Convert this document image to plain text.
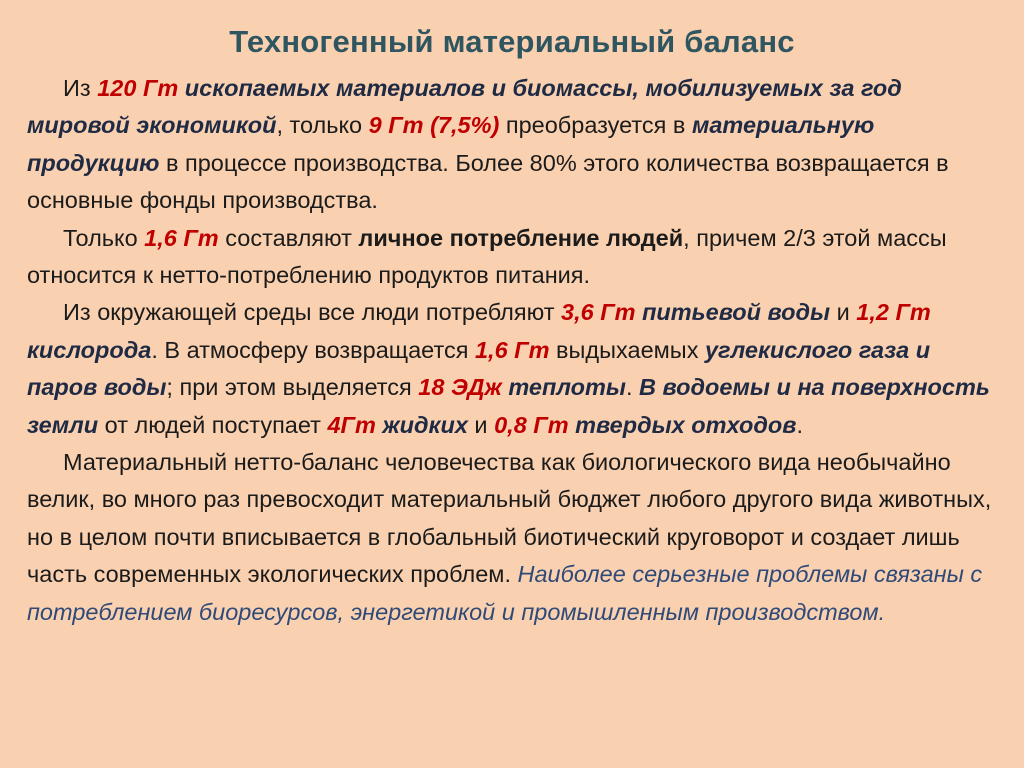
Техногенный материальный баланс

Из 120 Гт ископаемых материалов и биомассы, мобилизуемых за год мировой экономикой, только 9 Гт (7,5%) преобразуется в материальную продукцию в процессе производства. Более 80% этого количества возвращается в основные фонды производства.

Только 1,6 Гт составляют личное потребление людей, причем 2/3 этой массы относится к нетто-потреблению продуктов питания.

Из окружающей среды все люди потребляют 3,6 Гт питьевой воды и 1,2 Гт кислорода. В атмосферу возвращается 1,6 Гт выдыхаемых углекислого газа и паров воды; при этом выделяется 18 ЭДж теплоты. В водоемы и на поверхность земли от людей поступает 4Гт жидких и 0,8 Гт твердых отходов.

Материальный нетто-баланс человечества как биологического вида необычайно велик, во много раз превосходит материальный бюджет любого другого вида животных, но в целом почти вписывается в глобальный биотический круговорот и создает лишь часть современных экологических проблем. Наиболее серьезные проблемы связаны с потреблением биоресурсов, энергетикой и промышленным производством.
